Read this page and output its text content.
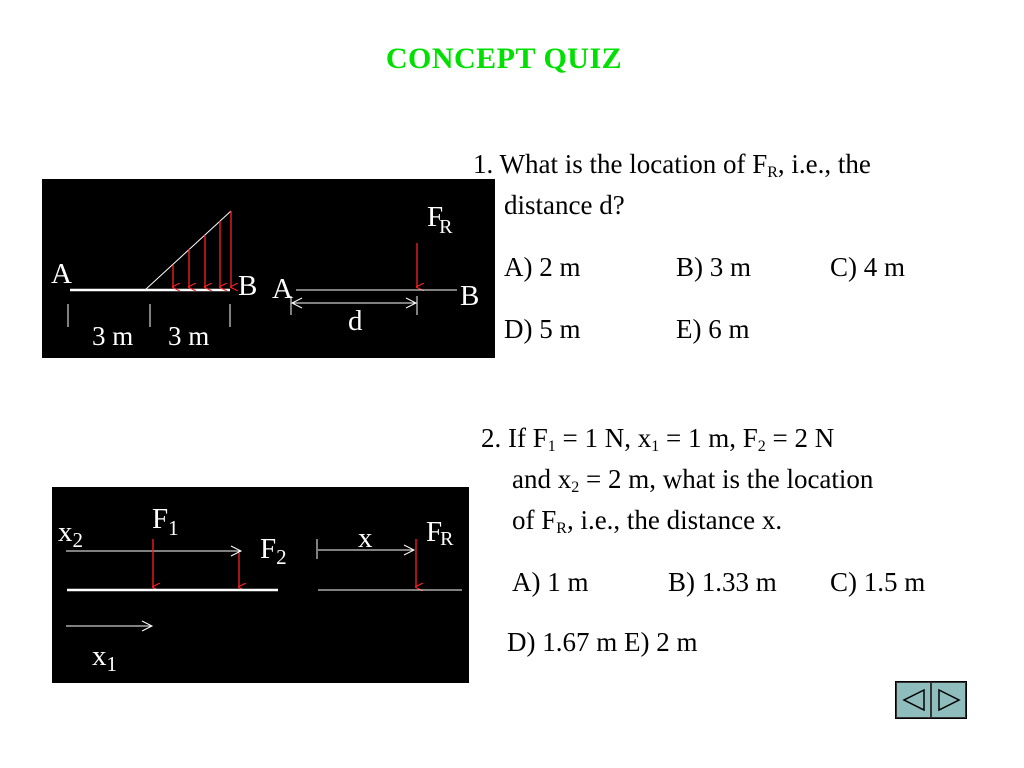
CONCEPT QUIZ
1. What is the location of $F_R$, i.e., the
distance d?
A) 2 m	B) 3 m	C) 4 m
D) 5 m	E) 6 m
2. If $F_1 = 1$ N, $x_1 = 1$ m, $F_2 = 2$ N
and $x_2 = 2$ m, what is the location
of $F_R$, i.e., the distance x.
A) 1 m	B) 1.33 m C) 1.5 m
D) 1.67 m E) 2 m
A	B
3 m 3 m
FR
A	B
d
$x_2$
$F_1$
$F_2$
$x_1$
x FR
